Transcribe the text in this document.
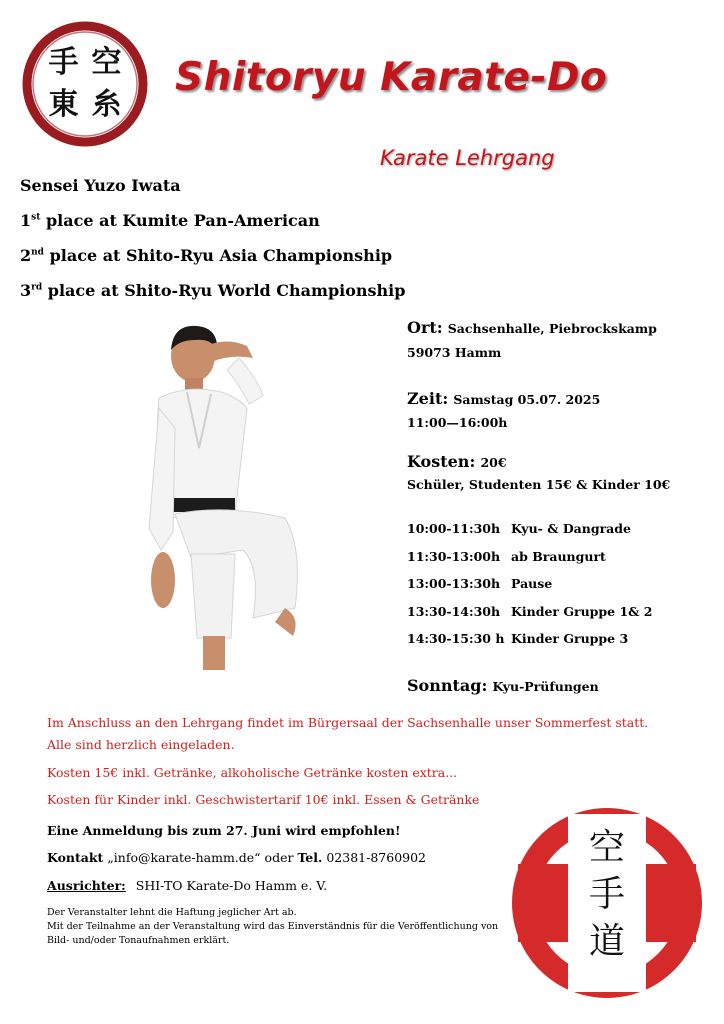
空
手
糸
東
Shitoryu Karate-Do
Karate Lehrgang
Sensei Yuzo Iwata
1st place at Kumite Pan-American
2nd place at Shito-Ryu Asia Championship
3rd place at Shito-Ryu World Championship
Ort: Sachsenhalle, Piebrockskamp
59073 Hamm
Zeit: Samstag 05.07. 2025
11:00—16:00h
Kosten: 20€
Schüler, Studenten 15€ & Kinder 10€
10:00-11:30h Kyu- & Dangrade
11:30-13:00h ab Braungurt
13:00-13:30h Pause
13:30-14:30h Kinder Gruppe 1& 2
14:30-15:30 h Kinder Gruppe 3
Sonntag: Kyu-Prüfungen
Im Anschluss an den Lehrgang findet im Bürgersaal der Sachsenhalle unser Sommerfest statt.
Alle sind herzlich eingeladen.
Kosten 15€ inkl. Getränke, alkoholische Getränke kosten extra...
Kosten für Kinder inkl. Geschwistertarif 10€ inkl. Essen & Getränke
Eine Anmeldung bis zum 27. Juni wird empfohlen!
Kontakt „info@karate-hamm.de“ oder Tel. 02381-8760902
Ausrichter: SHI-TO Karate-Do Hamm e. V.
Der Veranstalter lehnt die Haftung jeglicher Art ab.
Mit der Teilnahme an der Veranstaltung wird das Einverständnis für die Veröffentlichung von
Bild- und/oder Tonaufnahmen erklärt.
空
手
道
